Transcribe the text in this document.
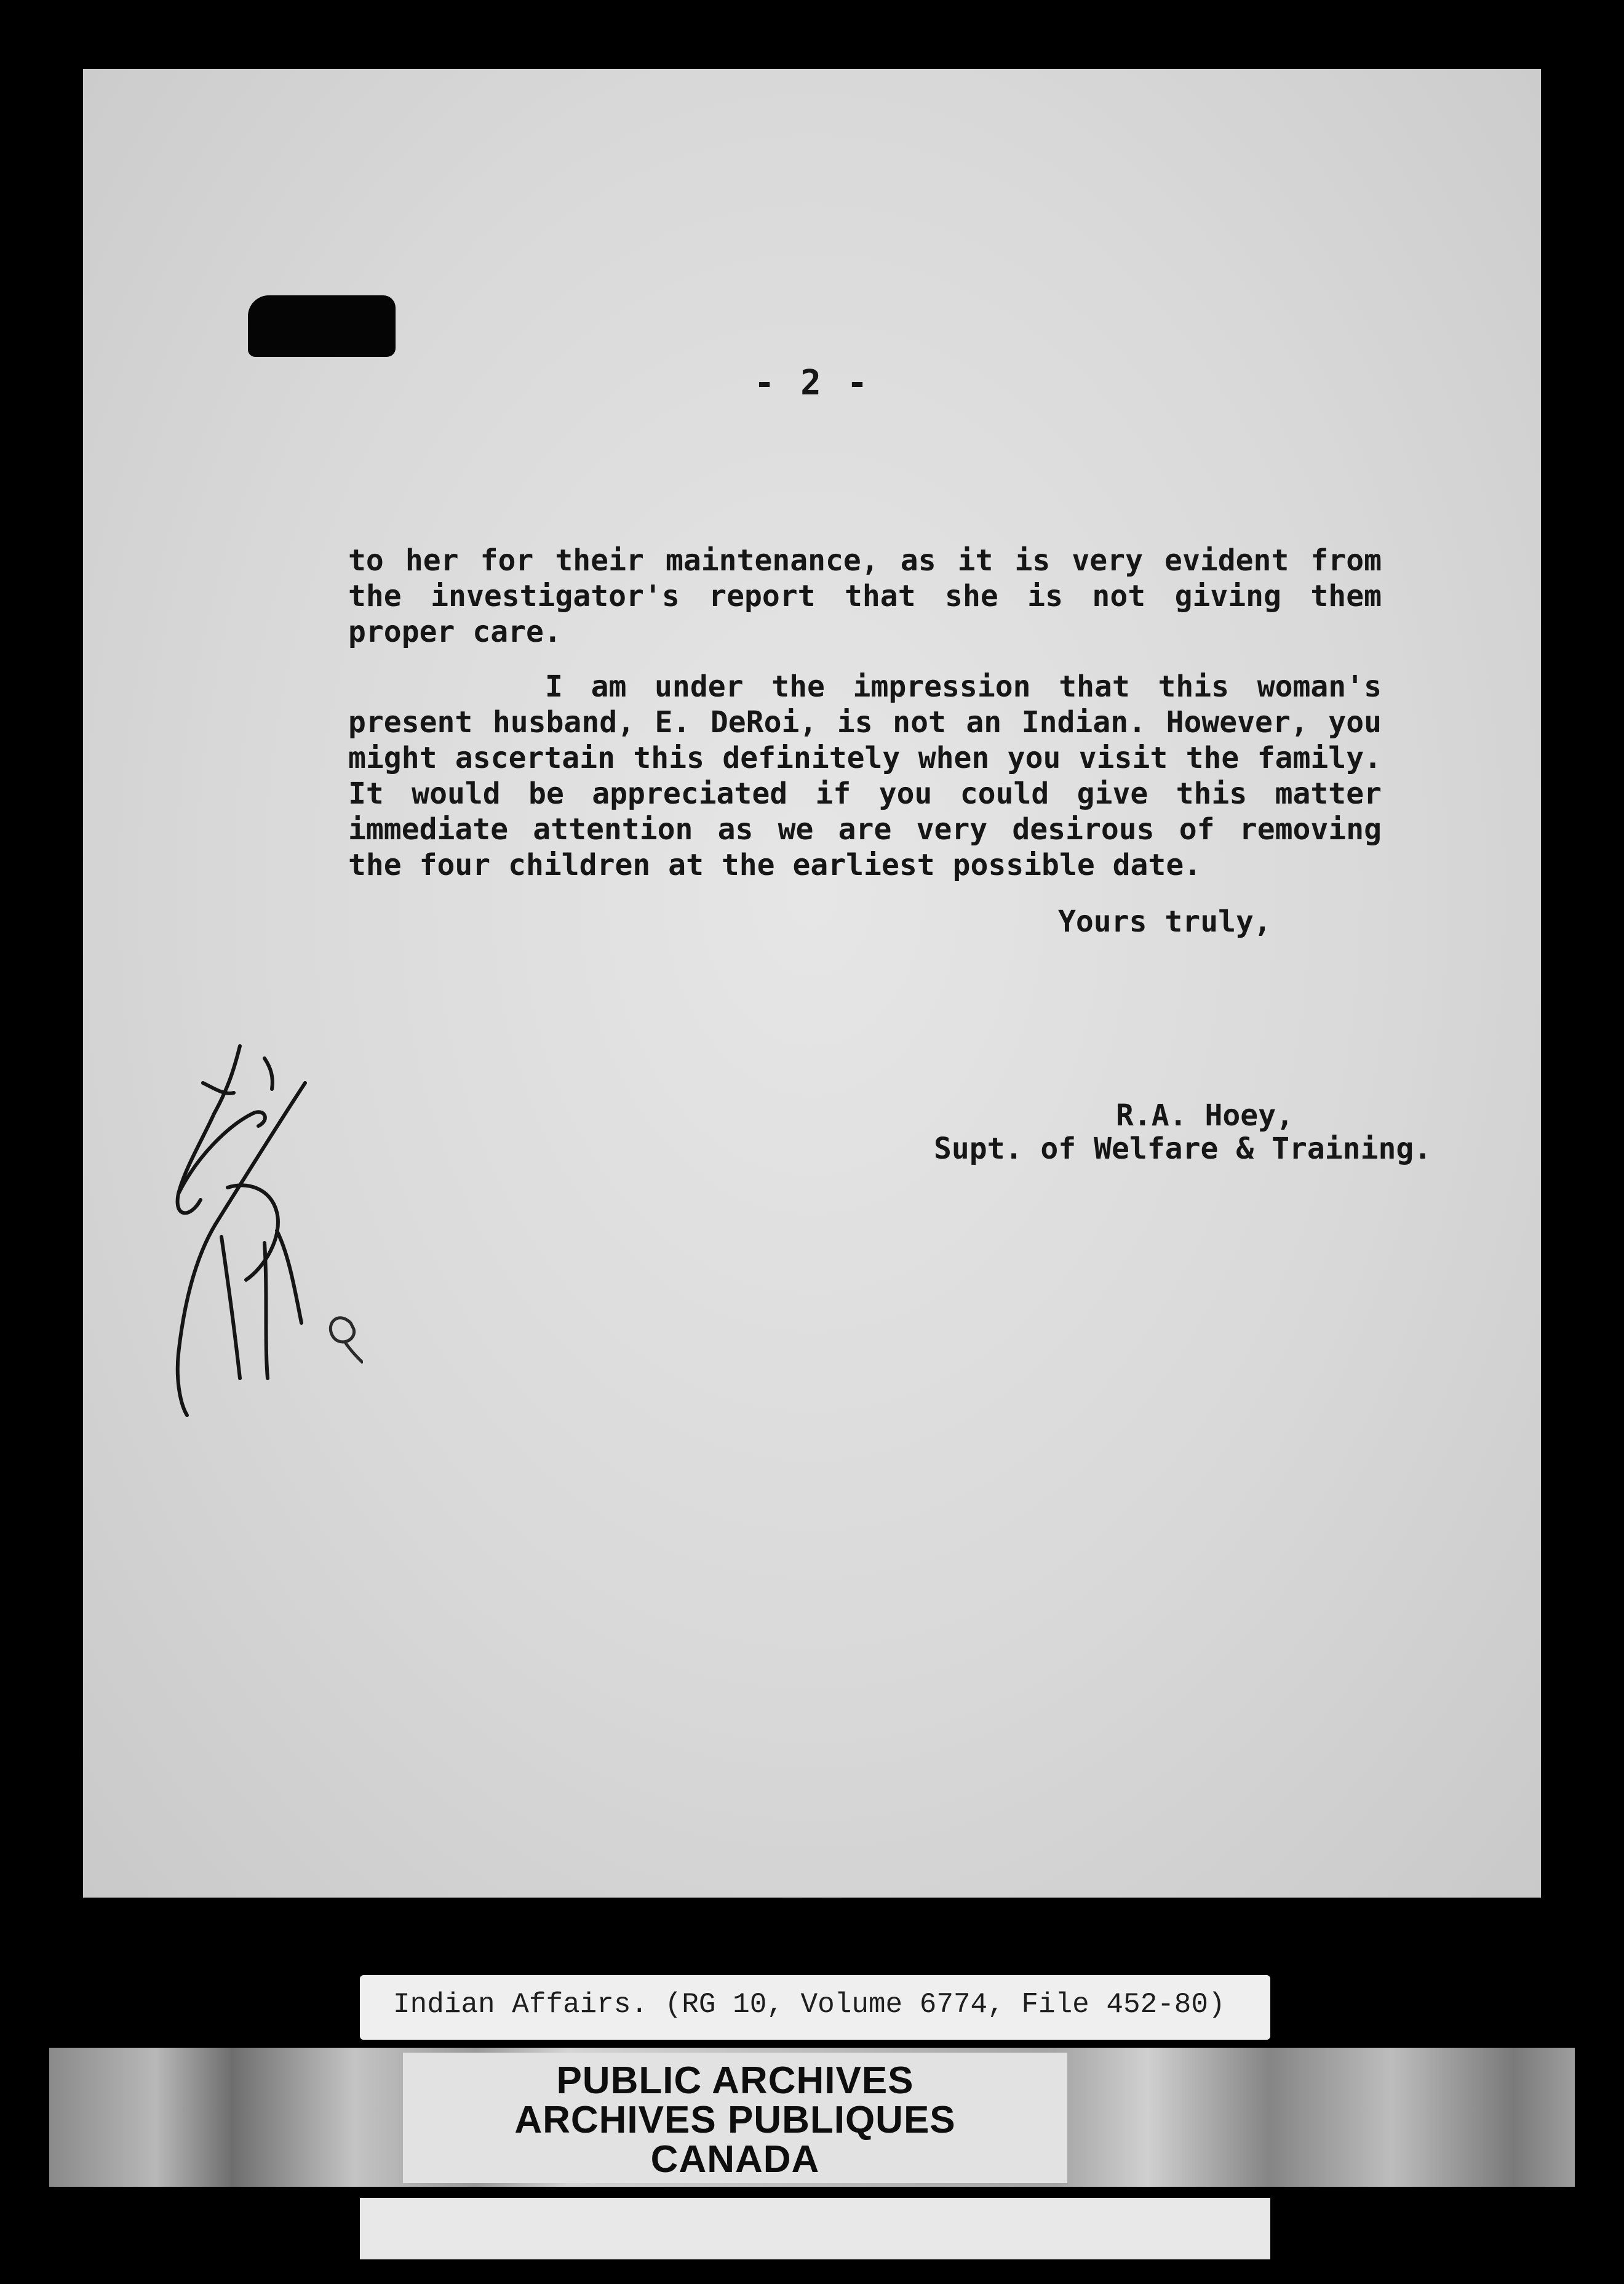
- 2 -

to her for their maintenance, as it is very evident from the investigator's report that she is not giving them proper care.

I am under the impression that this woman's present husband, E. DeRoi, is not an Indian. However, you might ascertain this definitely when you visit the family. It would be appreciated if you could give this matter immediate attention as we are very desirous of removing the four children at the earliest possible date.

Yours truly,
R.A. Hoey,
Supt. of Welfare & Training.
Indian Affairs. (RG 10, Volume 6774, File 452-80)
PUBLIC ARCHIVES
ARCHIVES PUBLIQUES
CANADA
